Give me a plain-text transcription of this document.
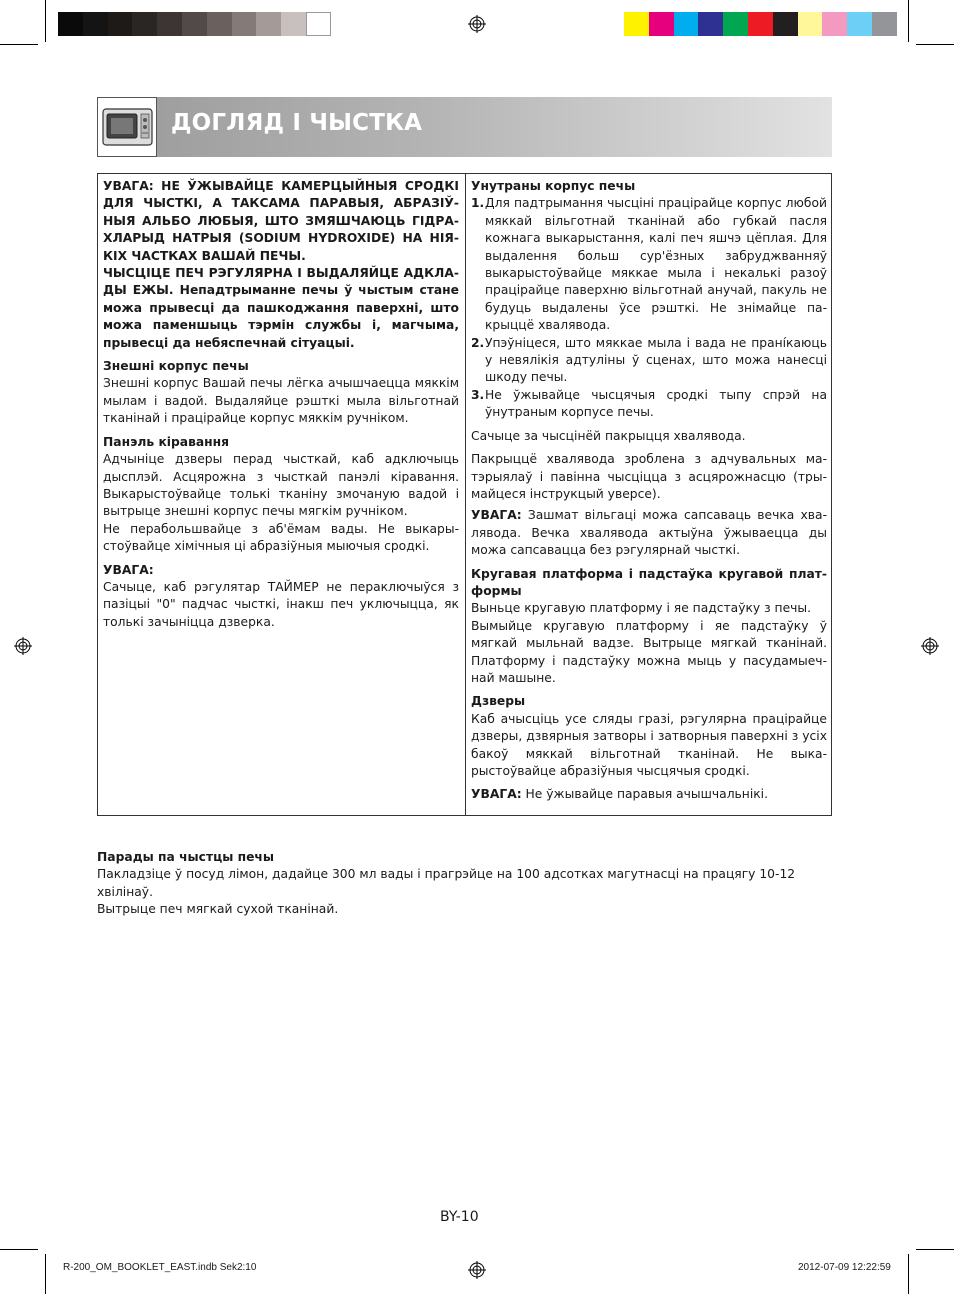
ДОГЛЯД І ЧЫСТКА

УВАГА: НЕ ЎЖЫВАЙЦЕ КАМЕРЦЫЙНЫЯ СРОДКІ ДЛЯ ЧЫСТКІ, А ТАКСАМА ПАРАВЫЯ, АБРАЗІЎНЫЯ АЛЬБО ЛЮБЫЯ, ШТО ЗМЯШЧАЮЦЬ ГІДРАХЛАРЫД НАТРЫЯ (SODIUM HYDROXIDE) НА НІЯКІХ ЧАСТКАХ ВАШАЙ ПЕЧЫ.

ЧЫСЦІЦЕ ПЕЧ РЭГУЛЯРНА І ВЫДАЛЯЙЦЕ АДКЛАДЫ ЕЖЫ. Непадтрыманне печы ў чыстым стане можа прывесці да пашкоджання паверхні, што можа паменшыць тэрмін службы і, магчыма, прывесці да небяспечнай сітуацыі.

Знешні корпус печы

Знешні корпус Вашай печы лёгка ачышчаецца мяккім мылам і вадой. Выдаляйце рэшткі мыла вільготнай тканінай і працірайце корпус мяккім ручніком.

Панэль кіравання

Адчыніце дзверы перад чысткай, каб адключыць дысплэй. Асцярожна з чысткай панэлі кіравання. Выкарыстоўвайце толькі тканіну змочаную вадой і вытрыце знешні корпус печы мягкім ручніком.

Не перабольшвайце з аб'ёмам вады. Не выкарыстоўвайце хімічныя ці абразіўныя мыючыя сродкі.

УВАГА:

Сачыце, каб рэгулятар ТАЙМЕР не пераключыўся з пазіцыі "0" падчас чысткі, інакш печ уключыцца, як толькі зачыніцца дзверка.

Унутраны корпус печы

1. Для падтрымання чысціні працірайце корпус любой мяккай вільготнай тканінай або губкай пасля кожнага выкарыстання, калі печ яшчэ цёплая. Для выдалення больш сур'ёзных забруджванняў выкарыстоўвайце мяккае мыла і некалькі разоў працірайце паверхню вільготнай анучай, пакуль не будуць выдалены ўсе рэшткі. Не знімайце пакрыццё хвалявода.
2. Упэўніцеся, што мяккае мыла і вада не пранíкаюць у невялікія адтуліны ў сценах, што можа нанесці шкоду печы.
3. Не ўжывайце чысцячыя сродкі тыпу спрэй на ўнутраным корпусе печы.

Сачыце за чысцінёй пакрыцця хвалявода.

Пакрыццё хвалявода зроблена з адчувальных матэрыялаў і павінна чысціцца з асцярожнасцю (трымайцеся інструкцый уверсе).

УВАГА: Зашмат вільгаці можа сапсаваць вечка хвалявода. Вечка хвалявода актыўна ўжываецца ды можа сапсавацца без рэгулярнай чысткі.

Кругавая платформа і падстаўка кругавой платформы

Выньце кругавую платформу і яе падстаўку з печы.

Вымыйце кругавую платформу і яе падстаўку ў мягкай мыльнай вадзе. Вытрыце мягкай тканінай. Платформу і падстаўку можна мыць у пасудамыечнай машыне.

Дзверы

Каб ачысціць усе сляды гразі, рэгулярна працірайце дзверы, дзвярныя затворы і затворныя паверхні з усіх бакоў мяккай вільготнай тканінай. Не выкарыстоўвайце абразіўныя чысцячыя сродкі.

УВАГА: Не ўжывайце паравыя ачышчальнікі.

Парады па чыстцы печы

Пакладзіце ў посуд лімон, дадайце 300 мл вады і прагрэйце на 100 адсотках магутнасці на працягу 10-12 хвілінаў.

Вытрыце печ мягкай сухой тканінай.

BY-10
R-200_OM_BOOKLET_EAST.indb Sek2:10	2012-07-09 12:22:59
